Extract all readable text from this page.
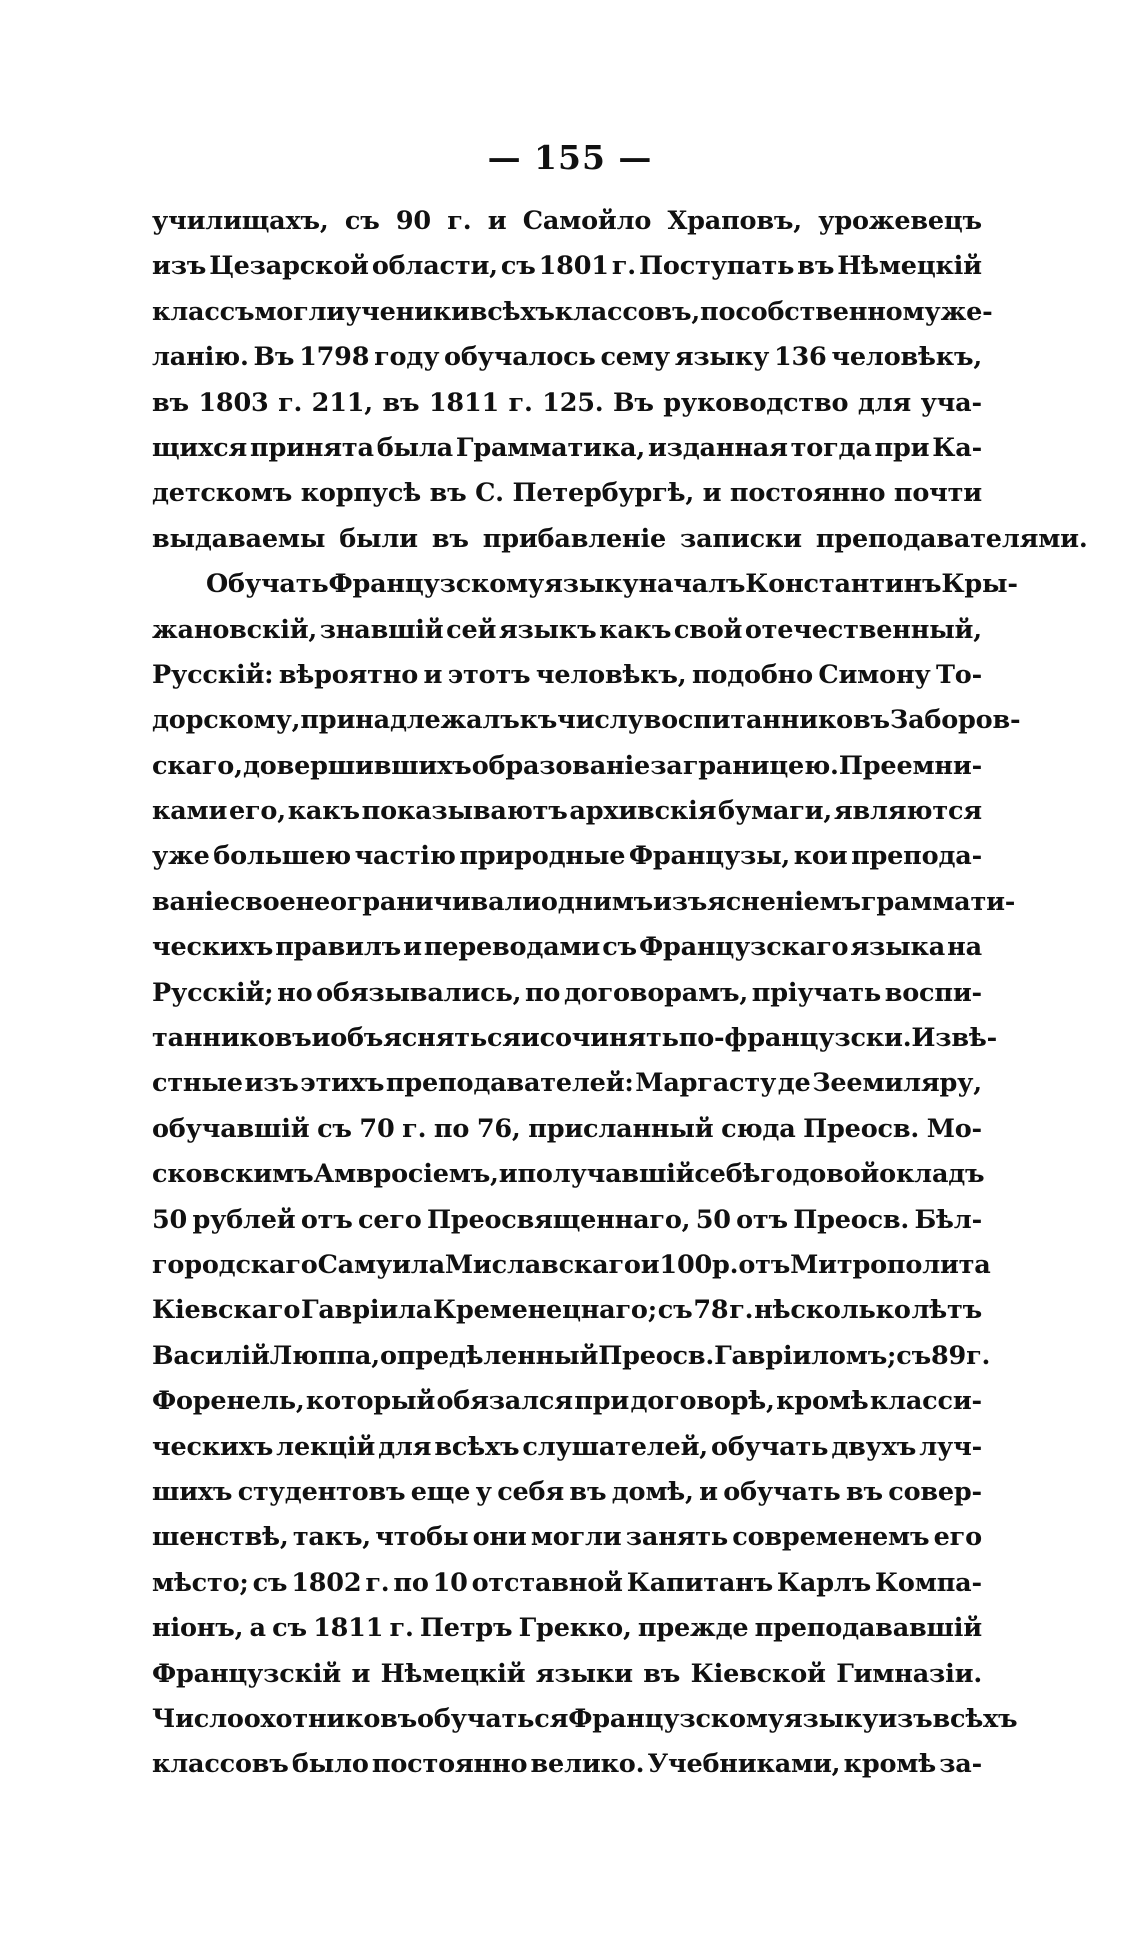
— 155 —
училищахъ, съ 90 г. и Самойло Храповъ, урожевецъ
изъ Цезарской области, съ 1801 г. Поступать въ Нѣмецкій
классъ могли ученики всѣхъ классовъ, по собственному же-
ланію. Въ 1798 году обучалось сему языку 136 человѣкъ,
въ 1803 г. 211, въ 1811 г. 125. Въ руководство для уча-
щихся принята была Грамматика, изданная тогда при Ка-
детскомъ корпусѣ въ С. Петербургѣ, и постоянно почти
выдаваемы были въ прибавленіе записки преподавателями.
Обучать Французскому языку началъ Константинъ Кры-
жановскій, знавшій сей языкъ какъ свой отечественный,
Русскій: вѣроятно и этотъ человѣкъ, подобно Симону То-
дорскому, принадлежалъ къ числу воспитанниковъ Заборов-
скаго, довершившихъ образованіе за границею. Преемни-
ками его, какъ показываютъ архивскія бумаги, являются
уже большею частію природные Французы, кои препода-
ваніе свое не ограничивали однимъ изъясненіемъ граммати-
ческихъ правилъ и переводами съ Французскаго языка на
Русскій; но обязывались, по договорамъ, пріучать воспи-
танниковъ и объясняться и сочинять по-французски. Извѣ-
стные изъ этихъ преподавателей: Маргасту де Зеемиляру,
обучавшій съ 70 г. по 76, присланный сюда Преосв. Мо-
сковскимъ Амвросіемъ, и получавшій себѣ годовой окладъ
50 рублей отъ сего Преосвященнаго, 50 отъ Преосв. Бѣл-
городскаго Самуила Миславскаго и 100 р. отъ Митрополита
Кіевскаго Гавріила Кременецнаго; съ 78 г. нѣсколько лѣтъ
Василій Люппа, опредѣленный Преосв. Гавріиломъ; съ 89 г.
Форенель, который обязался при договорѣ, кромѣ класси-
ческихъ лекцій для всѣхъ слушателей, обучать двухъ луч-
шихъ студентовъ еще у себя въ домѣ, и обучать въ совер-
шенствѣ, такъ, чтобы они могли занять современемъ его
мѣсто; съ 1802 г. по 10 отставной Капитанъ Карлъ Компа-
ніонъ, а съ 1811 г. Петръ Грекко, прежде преподававшій
Французскій и Нѣмецкій языки въ Кіевской Гимназіи.
Число охотниковъ обучаться Французскому языку изъ всѣхъ
классовъ было постоянно велико. Учебниками, кромѣ за-
